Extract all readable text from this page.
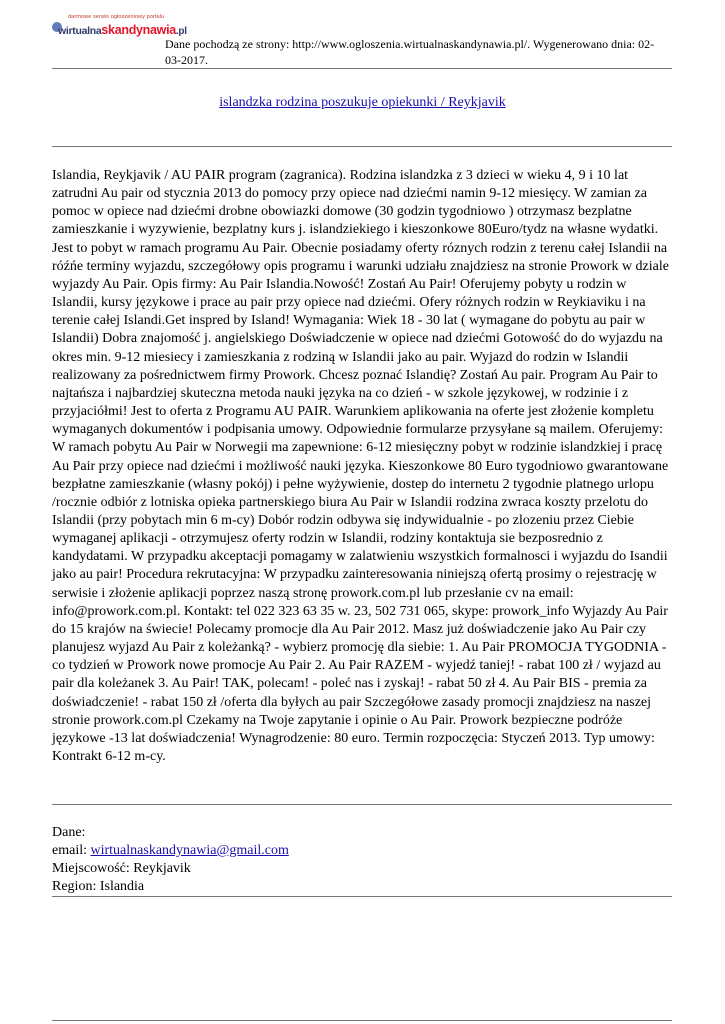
darmowe serwis ogłoszeniowy portalu
wirtualnaskandynawia.pl
Dane pochodzą ze strony: http://www.ogloszenia.wirtualnaskandynawia.pl/. Wygenerowano dnia: 02-03-2017.
islandzka rodzina poszukuje opiekunki / Reykjavik
Islandia, Reykjavik / AU PAIR program (zagranica). Rodzina islandzka z 3 dzieci w wieku 4, 9 i 10 lat zatrudni Au pair od stycznia 2013 do pomocy przy opiece nad dziećmi namin 9-12 miesięcy. W zamian za pomoc w opiece nad dziećmi drobne obowiazki domowe (30 godzin tygodniowo ) otrzymasz bezplatne zamieszkanie i wyzywienie, bezplatny kurs j. islandziekiego i kieszonkowe 80Euro/tydz na własne wydatki. Jest to pobyt w ramach programu Au Pair. Obecnie posiadamy oferty róznych rodzin z terenu całej Islandii na róźńe terminy wyjazdu, szczegółowy opis programu i warunki udziału znajdziesz na stronie Prowork w dziale wyjazdy Au Pair. Opis firmy: Au Pair Islandia.Nowość! Zostań Au Pair! Oferujemy pobyty u rodzin w Islandii, kursy językowe i prace au pair przy opiece nad dziećmi. Ofery różnych rodzin w Reykiaviku i na terenie całej Islandi.Get inspred by Island! Wymagania: Wiek 18 - 30 lat ( wymagane do pobytu au pair w Islandii) Dobra znajomość j. angielskiego Doświadczenie w opiece nad dziećmi Gotowość do do wyjazdu na okres min. 9-12 miesiecy i zamieszkania z rodziną w Islandii jako au pair. Wyjazd do rodzin w Islandii realizowany za pośrednictwem firmy Prowork. Chcesz poznać Islandię? Zostań Au pair. Program Au Pair to najtańsza i najbardziej skuteczna metoda nauki języka na co dzień - w szkole językowej, w rodzinie i z przyjaciółmi! Jest to oferta z Programu AU PAIR. Warunkiem aplikowania na oferte jest złożenie kompletu wymaganych dokumentów i podpisania umowy. Odpowiednie formularze przysyłane są mailem. Oferujemy: W ramach pobytu Au Pair w Norwegii ma zapewnione: 6-12 miesięczny pobyt w rodzinie islandzkiej i pracę Au Pair przy opiece nad dziećmi i możliwość nauki języka. Kieszonkowe 80 Euro tygodniowo gwarantowane bezpłatne zamieszkanie (własny pokój) i pełne wyżywienie, dostep do internetu 2 tygodnie platnego urlopu /rocznie odbiór z lotniska opieka partnerskiego biura Au Pair w Islandii rodzina zwraca koszty przelotu do Islandii (przy pobytach min 6 m-cy) Dobór rodzin odbywa się indywidualnie - po zlozeniu przez Ciebie wymaganej aplikacji - otrzymujesz oferty rodzin w Islandii, rodziny kontaktuja sie bezposrednio z kandydatami. W przypadku akceptacji pomagamy w zalatwieniu wszystkich formalnosci i wyjazdu do Isandii jako au pair! Procedura rekrutacyjna: W przypadku zainteresowania niniejszą ofertą prosimy o rejestrację w serwisie i złożenie aplikacji poprzez naszą stronę prowork.com.pl lub przesłanie cv na email: info@prowork.com.pl. Kontakt: tel 022 323 63 35 w. 23, 502 731 065, skype: prowork_info Wyjazdy Au Pair do 15 krajów na świecie! Polecamy promocje dla Au Pair 2012. Masz już doświadczenie jako Au Pair czy planujesz wyjazd Au Pair z koleżanką? - wybierz promocję dla siebie: 1. Au Pair PROMOCJA TYGODNIA - co tydzień w Prowork nowe promocje Au Pair 2. Au Pair RAZEM - wyjedź taniej! - rabat 100 zł / wyjazd au pair dla koleżanek 3. Au Pair! TAK, polecam! - poleć nas i zyskaj! - rabat 50 zł 4. Au Pair BIS - premia za doświadczenie! - rabat 150 zł /oferta dla byłych au pair Szczegółowe zasady promocji znajdziesz na naszej stronie prowork.com.pl Czekamy na Twoje zapytanie i opinie o Au Pair. Prowork bezpieczne podróże językowe -13 lat doświadczenia! Wynagrodzenie: 80 euro. Termin rozpoczęcia: Styczeń 2013. Typ umowy: Kontrakt 6-12 m-cy.
Dane:
email: wirtualnaskandynawia@gmail.com
Miejscowość: Reykjavik
Region: Islandia
